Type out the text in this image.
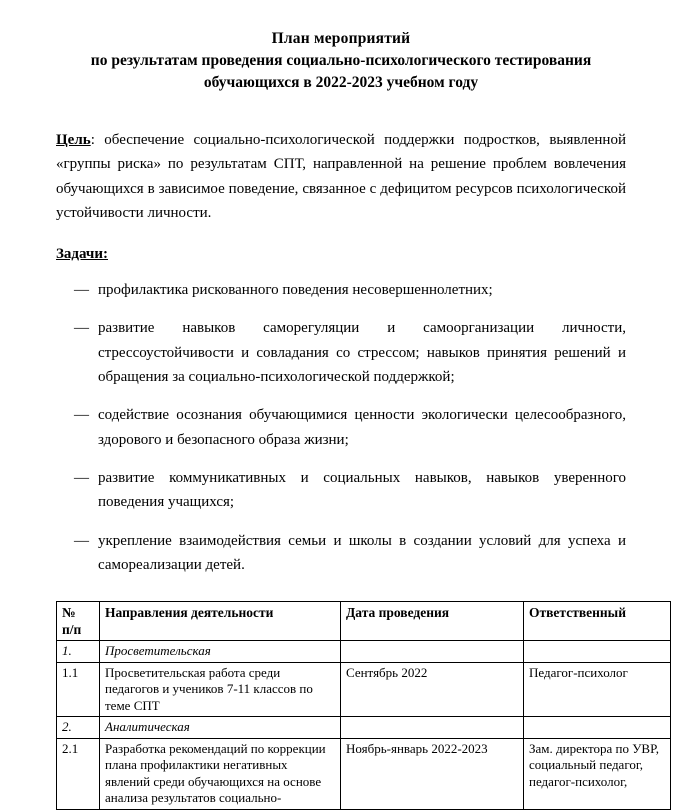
План мероприятий
по результатам проведения социально-психологического тестирования
обучающихся в 2022-2023 учебном году

Цель: обеспечение социально-психологической поддержки подростков, выявленной «группы риска» по результатам СПТ, направленной на решение проблем вовлечения обучающихся в зависимое поведение, связанное с дефицитом ресурсов психологической устойчивости личности.

Задачи:
— профилактика рискованного поведения несовершеннолетних;
— развитие навыков саморегуляции и самоорганизации личности, стрессоустойчивости и совладания со стрессом; навыков принятия решений и обращения за социально-психологической поддержкой;
— содействие осознания обучающимися ценности экологически целесообразного, здорового и безопасного образа жизни;
— развитие коммуникативных и социальных навыков, навыков уверенного поведения учащихся;
— укрепление взаимодействия семьи и школы в создании условий для успеха и самореализации детей.
№
п/п	Направления деятельности	Дата проведения	Ответственный
1.	Просветительская		
1.1	Просветительская работа среди педагогов и учеников 7-11 классов по теме СПТ	Сентябрь 2022	Педагог-психолог
2.	Аналитическая		
2.1	Разработка рекомендаций по коррекции плана профилактики негативных явлений среди обучающихся на основе анализа результатов социально-	Ноябрь-январь 2022-2023	Зам. директора по УВР, социальный педагог, педагог-психолог,
